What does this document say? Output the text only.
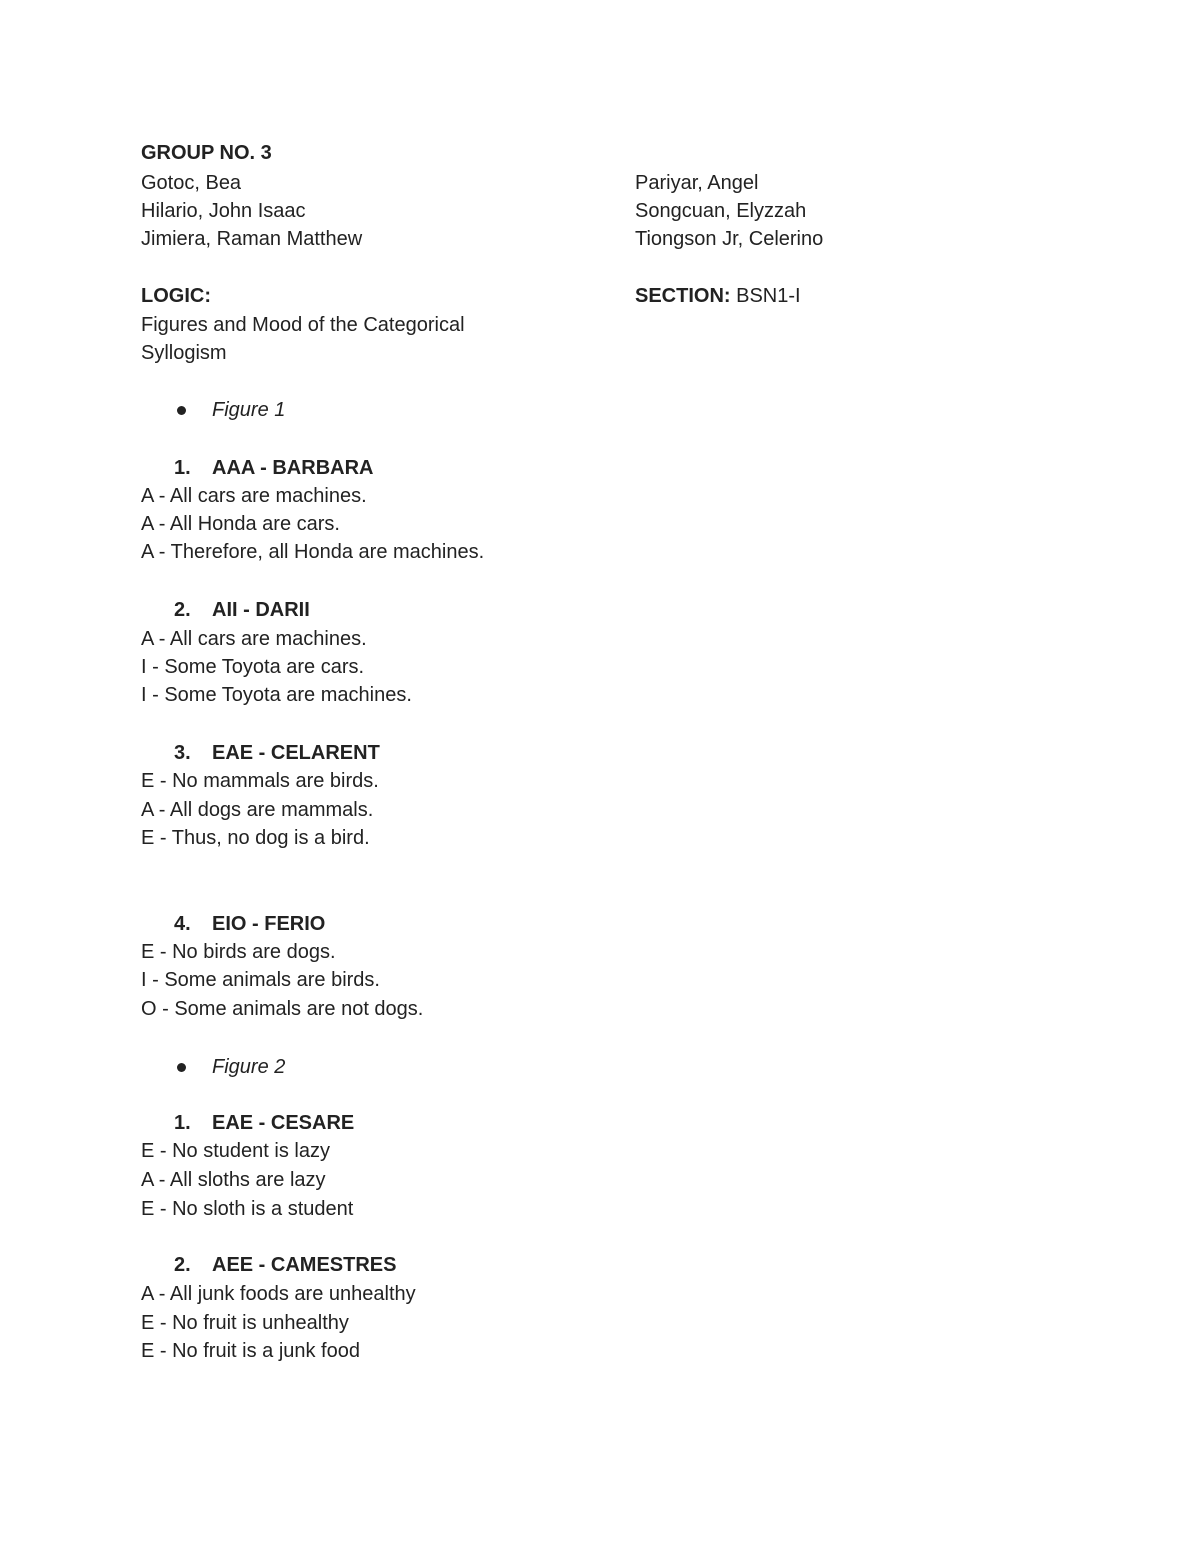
GROUP NO. 3
Gotoc, Bea
Hilario, John Isaac
Jimiera, Raman Matthew
Pariyar, Angel
Songcuan, Elyzzah
Tiongson Jr, Celerino
LOGIC:
Figures and Mood of the Categorical
Syllogism
SECTION: BSN1-I
Figure 1
1. AAA - BARBARA
A - All cars are machines.
A - All Honda are cars.
A - Therefore, all Honda are machines.
2. AII - DARII
A - All cars are machines.
I - Some Toyota are cars.
I - Some Toyota are machines.
3. EAE - CELARENT
E - No mammals are birds.
A - All dogs are mammals.
E - Thus, no dog is a bird.
4. EIO - FERIO
E - No birds are dogs.
I - Some animals are birds.
O - Some animals are not dogs.
Figure 2
1. EAE - CESARE
E - No student is lazy
A - All sloths are lazy
E - No sloth is a student
2. AEE - CAMESTRES
A - All junk foods are unhealthy
E - No fruit is unhealthy
E - No fruit is a junk food
